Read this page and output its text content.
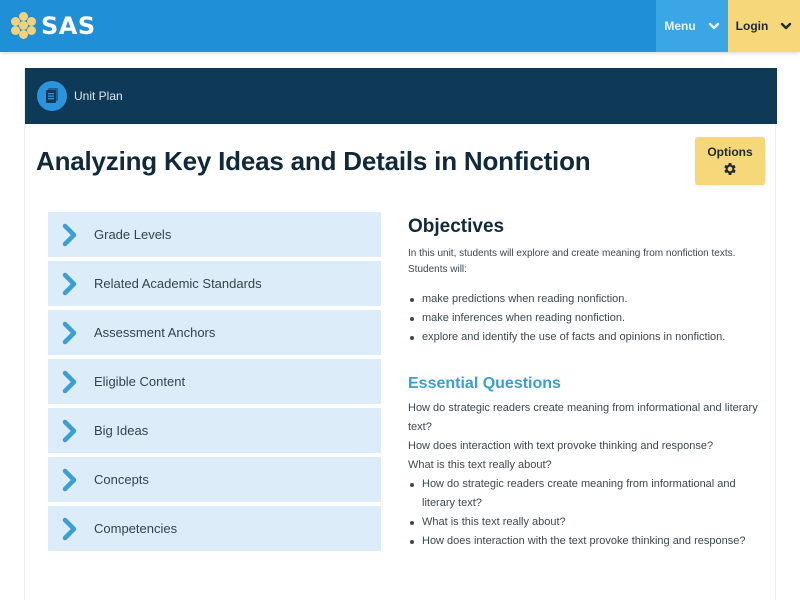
SAS	Menu	Login
Unit Plan
Analyzing Key Ideas and Details in Nonfiction	Options
Grade Levels
Related Academic Standards
Assessment Anchors
Eligible Content
Big Ideas
Concepts
Competencies
Objectives

In this unit, students will explore and create meaning from nonfiction texts. Students will:

make predictions when reading nonfiction.
make inferences when reading nonfiction.
explore and identify the use of facts and opinions in nonfiction.
Essential Questions

How do strategic readers create meaning from informational and literary text?

How does interaction with text provoke thinking and response?

What is this text really about?

How do strategic readers create meaning from informational and literary text?
What is this text really about?
How does interaction with the text provoke thinking and response?
